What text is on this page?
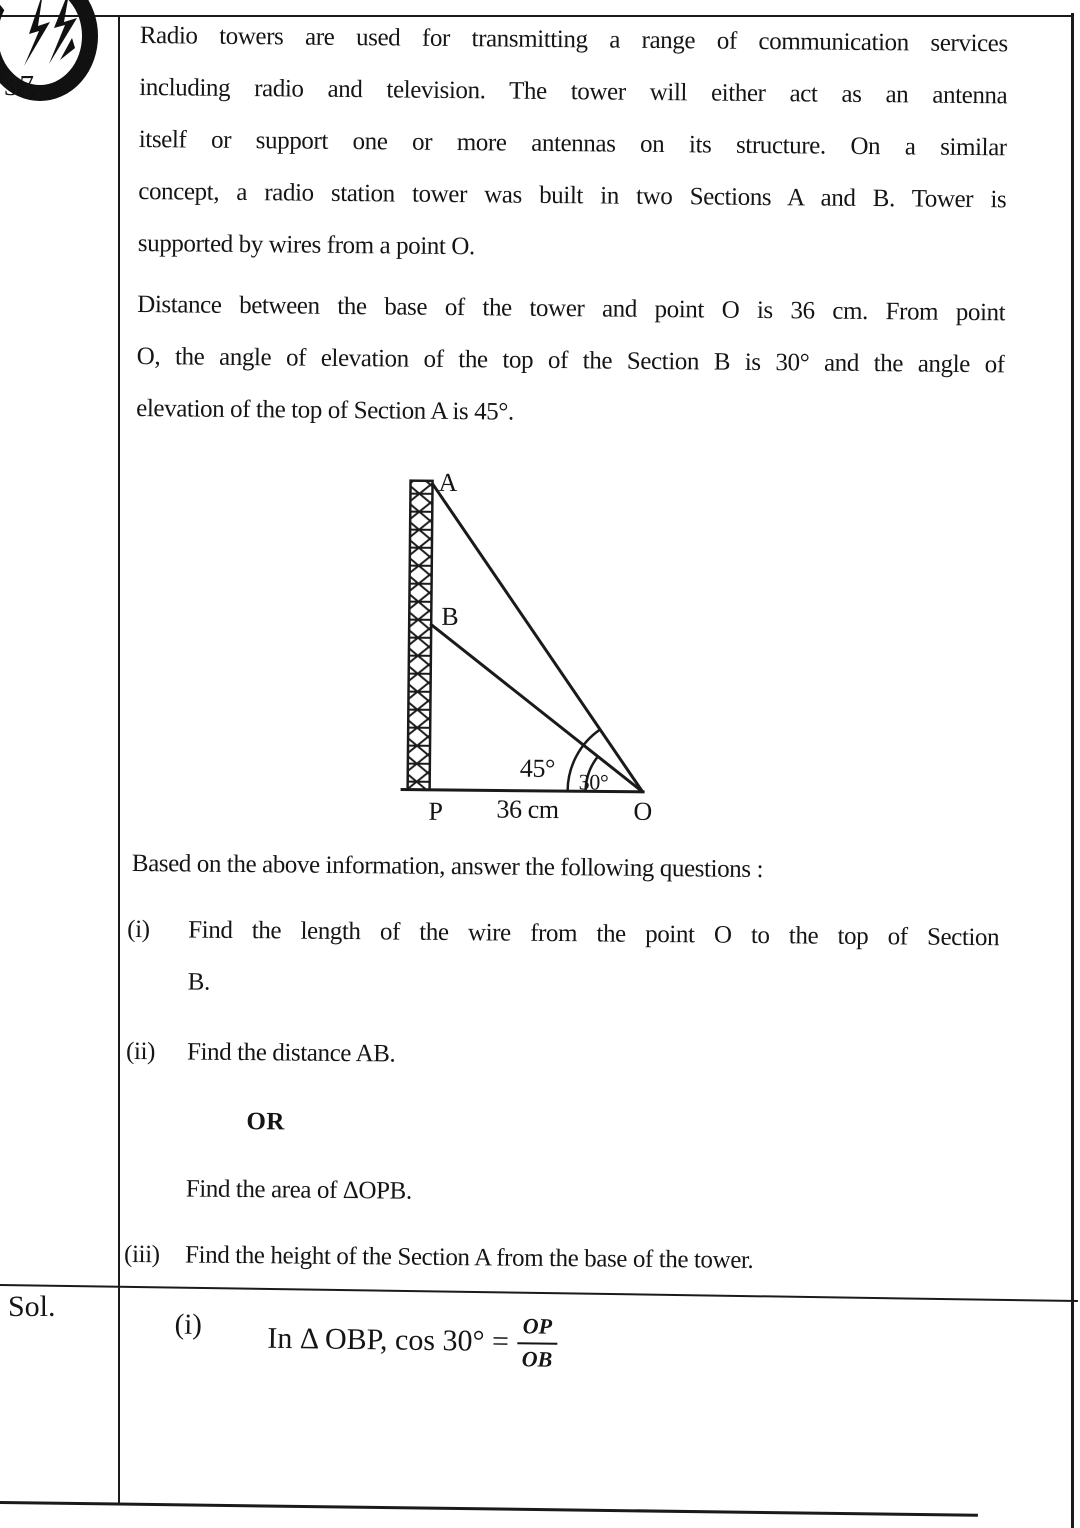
37.
Radio towers are used for transmitting a range of communication services
including radio and television. The tower will either act as an antenna
itself or support one or more antennas on its structure. On a similar
concept, a radio station tower was built in two Sections A and B. Tower is
supported by wires from a point O.
Distance between the base of the tower and point O is 36 cm. From point
O, the angle of elevation of the top of the Section B is 30° and the angle of
elevation of the top of Section A is 45°.
A
B
P	O
36 cm
45° 30°
Based on the above information, answer the following questions :
(i) Find the length of the wire from the point O to the top of Section
B.
(ii) Find the distance AB.
OR
Find the area of ΔOPB.
(iii) Find the height of the Section A from the base of the tower.
Sol.
(i) In Δ OBP, $\cos 30^\circ = \frac{OP}{OB}$
